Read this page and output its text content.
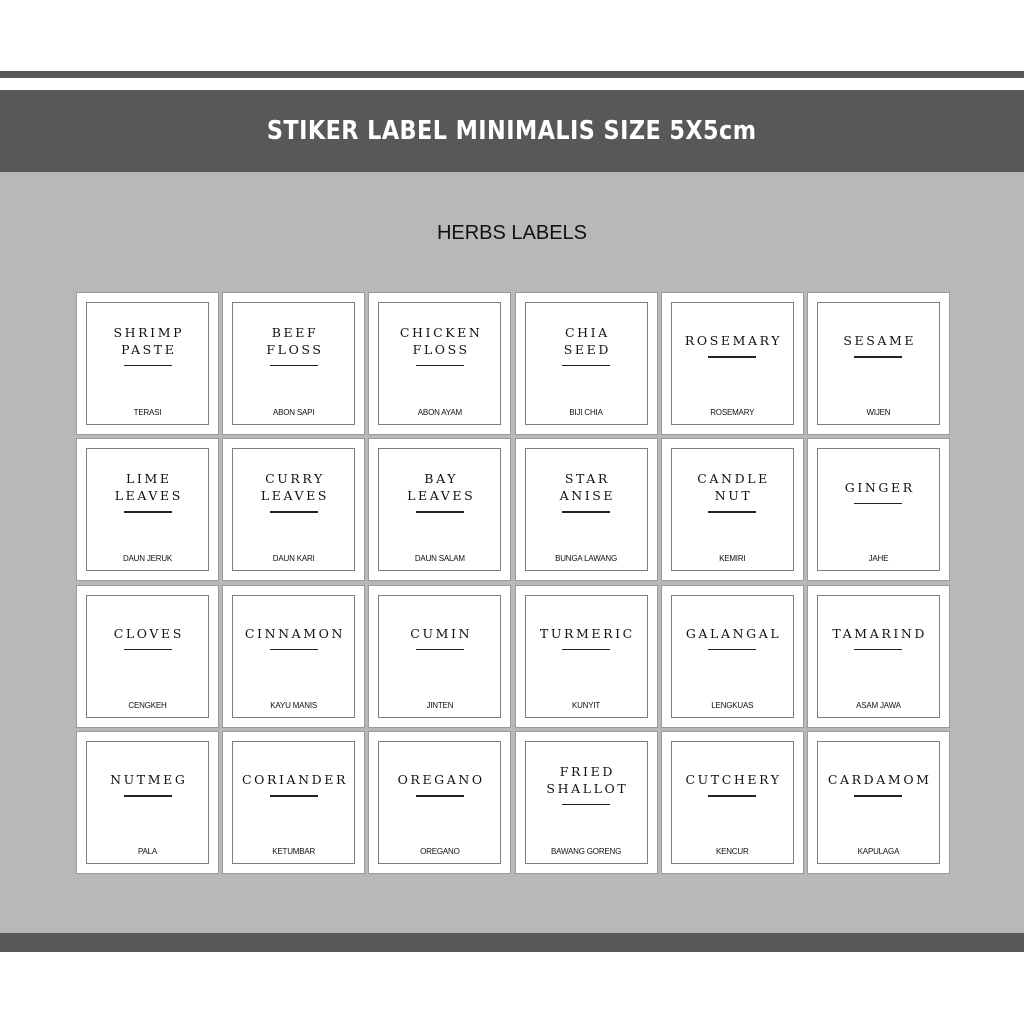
STIKER LABEL MINIMALIS SIZE 5X5cm
HERBS LABELS
SHRIMP
PASTE
TERASI
BEEF
FLOSS
ABON SAPI
CHICKEN
FLOSS
ABON AYAM
CHIA
SEED
BIJI CHIA
ROSEMARY
ROSEMARY
SESAME
WIJEN
LIME
LEAVES
DAUN JERUK
CURRY
LEAVES
DAUN KARI
BAY
LEAVES
DAUN SALAM
STAR
ANISE
BUNGA LAWANG
CANDLE
NUT
KEMIRI
GINGER
JAHE
CLOVES
CENGKEH
CINNAMON
KAYU MANIS
CUMIN
JINTEN
TURMERIC
KUNYIT
GALANGAL
LENGKUAS
TAMARIND
ASAM JAWA
NUTMEG
PALA
CORIANDER
KETUMBAR
OREGANO
OREGANO
FRIED
SHALLOT
BAWANG GORENG
CUTCHERY
KENCUR
CARDAMOM
KAPULAGA
